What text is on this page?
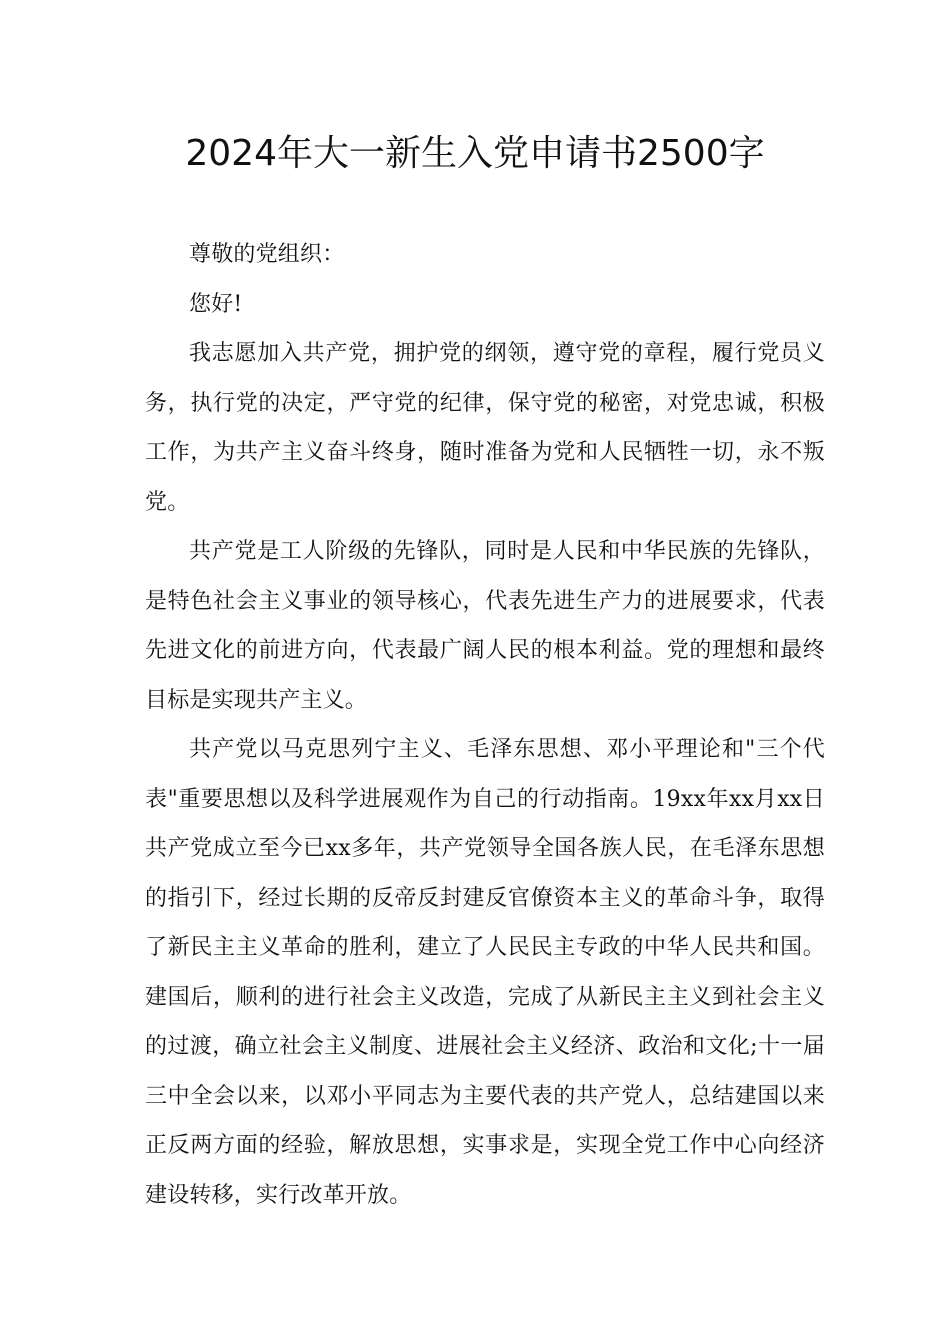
2024年大一新生入党申请书2500字

尊敬的党组织：

您好!

我志愿加入共产党，拥护党的纲领，遵守党的章程，履行党员义务，执行党的决定，严守党的纪律，保守党的秘密，对党忠诚，积极工作，为共产主义奋斗终身，随时准备为党和人民牺牲一切，永不叛党。

共产党是工人阶级的先锋队，同时是人民和中华民族的先锋队，是特色社会主义事业的领导核心，代表先进生产力的进展要求，代表先进文化的前进方向，代表最广阔人民的根本利益。党的理想和最终目标是实现共产主义。

共产党以马克思列宁主义、毛泽东思想、邓小平理论和"三个代表"重要思想以及科学进展观作为自己的行动指南。19xx年xx月xx日共产党成立至今已xx多年，共产党领导全国各族人民，在毛泽东思想的指引下，经过长期的反帝反封建反官僚资本主义的革命斗争，取得了新民主主义革命的胜利，建立了人民民主专政的中华人民共和国。建国后，顺利的进行社会主义改造，完成了从新民主主义到社会主义的过渡，确立社会主义制度、进展社会主义经济、政治和文化;十一届三中全会以来，以邓小平同志为主要代表的共产党人，总结建国以来正反两方面的经验，解放思想，实事求是，实现全党工作中心向经济建设转移，实行改革开放。
